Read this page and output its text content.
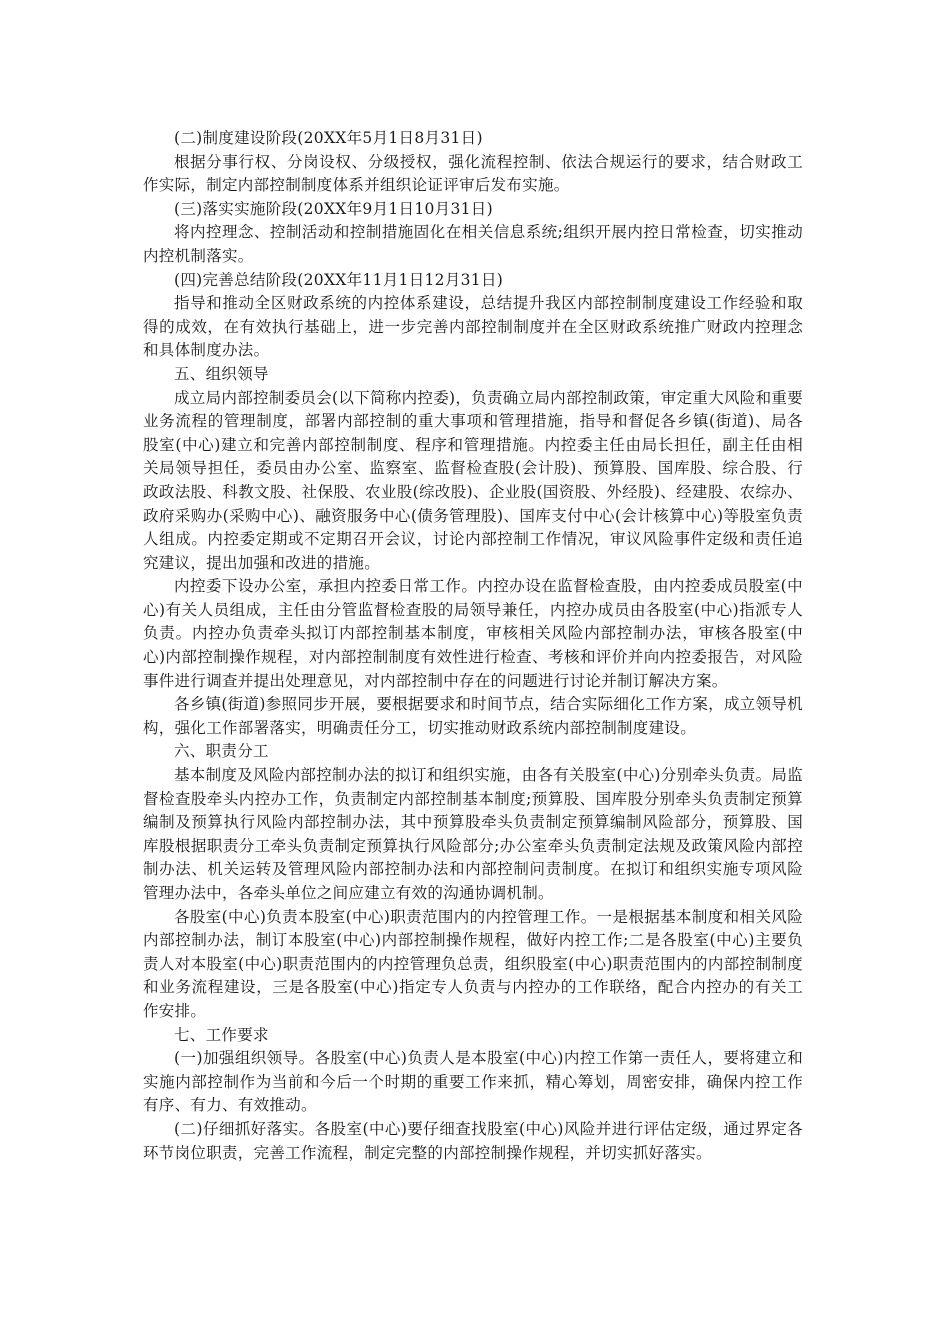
(二)制度建设阶段(20XX年5月1日8月31日)

根据分事行权、分岗设权、分级授权，强化流程控制、依法合规运行的要求，结合财政工作实际，制定内部控制制度体系并组织论证评审后发布实施。

(三)落实实施阶段(20XX年9月1日10月31日)

将内控理念、控制活动和控制措施固化在相关信息系统;组织开展内控日常检查，切实推动内控机制落实。

(四)完善总结阶段(20XX年11月1日12月31日)

指导和推动全区财政系统的内控体系建设，总结提升我区内部控制制度建设工作经验和取得的成效，在有效执行基础上，进一步完善内部控制制度并在全区财政系统推广财政内控理念和具体制度办法。

五、组织领导

成立局内部控制委员会(以下简称内控委)，负责确立局内部控制政策，审定重大风险和重要业务流程的管理制度，部署内部控制的重大事项和管理措施，指导和督促各乡镇(街道)、局各股室(中心)建立和完善内部控制制度、程序和管理措施。内控委主任由局长担任，副主任由相关局领导担任，委员由办公室、监察室、监督检查股(会计股)、预算股、国库股、综合股、行政政法股、科教文股、社保股、农业股(综改股)、企业股(国资股、外经股)、经建股、农综办、政府采购办(采购中心)、融资服务中心(债务管理股)、国库支付中心(会计核算中心)等股室负责人组成。内控委定期或不定期召开会议，讨论内部控制工作情况，审议风险事件定级和责任追究建议，提出加强和改进的措施。

内控委下设办公室，承担内控委日常工作。内控办设在监督检查股，由内控委成员股室(中心)有关人员组成，主任由分管监督检查股的局领导兼任，内控办成员由各股室(中心)指派专人负责。内控办负责牵头拟订内部控制基本制度，审核相关风险内部控制办法，审核各股室(中心)内部控制操作规程，对内部控制制度有效性进行检查、考核和评价并向内控委报告，对风险事件进行调查并提出处理意见，对内部控制中存在的问题进行讨论并制订解决方案。

各乡镇(街道)参照同步开展，要根据要求和时间节点，结合实际细化工作方案，成立领导机构，强化工作部署落实，明确责任分工，切实推动财政系统内部控制制度建设。

六、职责分工

基本制度及风险内部控制办法的拟订和组织实施，由各有关股室(中心)分别牵头负责。局监督检查股牵头内控办工作，负责制定内部控制基本制度;预算股、国库股分别牵头负责制定预算编制及预算执行风险内部控制办法，其中预算股牵头负责制定预算编制风险部分，预算股、国库股根据职责分工牵头负责制定预算执行风险部分;办公室牵头负责制定法规及政策风险内部控制办法、机关运转及管理风险内部控制办法和内部控制问责制度。在拟订和组织实施专项风险管理办法中，各牵头单位之间应建立有效的沟通协调机制。

各股室(中心)负责本股室(中心)职责范围内的内控管理工作。一是根据基本制度和相关风险内部控制办法，制订本股室(中心)内部控制操作规程，做好内控工作;二是各股室(中心)主要负责人对本股室(中心)职责范围内的内控管理负总责，组织股室(中心)职责范围内的内部控制制度和业务流程建设，三是各股室(中心)指定专人负责与内控办的工作联络，配合内控办的有关工作安排。

七、工作要求

(一)加强组织领导。各股室(中心)负责人是本股室(中心)内控工作第一责任人，要将建立和实施内部控制作为当前和今后一个时期的重要工作来抓，精心筹划，周密安排，确保内控工作有序、有力、有效推动。

(二)仔细抓好落实。各股室(中心)要仔细查找股室(中心)风险并进行评估定级，通过界定各环节岗位职责，完善工作流程，制定完整的内部控制操作规程，并切实抓好落实。
